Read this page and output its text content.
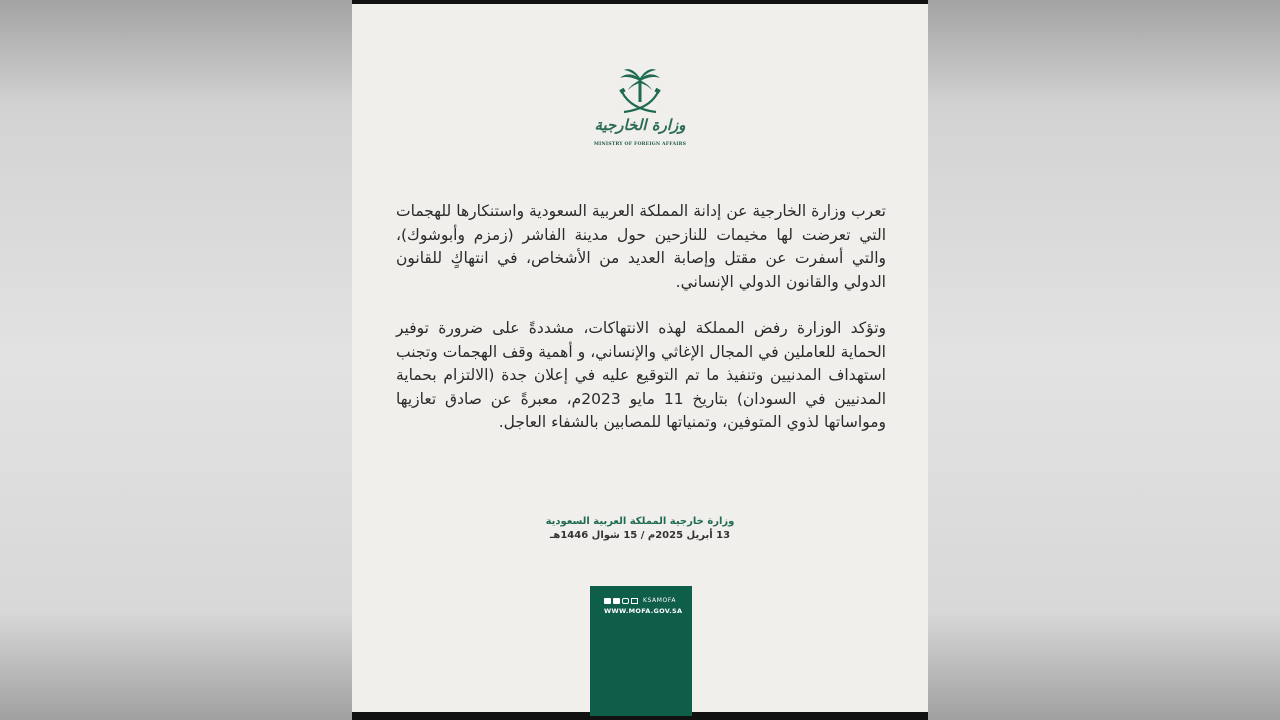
وزارة الخارجية
MINISTRY OF FOREIGN AFFAIRS

تعرب وزارة الخارجية عن إدانة المملكة العربية السعودية واستنكارها للهجمات التي تعرضت لها مخيمات للنازحين حول مدينة الفاشر (زمزم وأبوشوك)، والتي أسفرت عن مقتل وإصابة العديد من الأشخاص، في انتهاكٍ للقانون الدولي والقانون الدولي الإنساني.

وتؤكد الوزارة رفض المملكة لهذه الانتهاكات، مشددةً على ضرورة توفير الحماية للعاملين في المجال الإغاثي والإنساني، و أهمية وقف الهجمات وتجنب استهداف المدنيين وتنفيذ ما تم التوقيع عليه في إعلان جدة (الالتزام بحماية المدنيين في السودان) بتاريخ 11 مايو 2023م، معبرةً عن صادق تعازيها ومواساتها لذوي المتوفين، وتمنياتها للمصابين بالشفاء العاجل.

وزارة خارجية المملكة العربية السعودية
13 أبريل 2025م / 15 شوال 1446هـ
KSAMOFA
WWW.MOFA.GOV.SA
